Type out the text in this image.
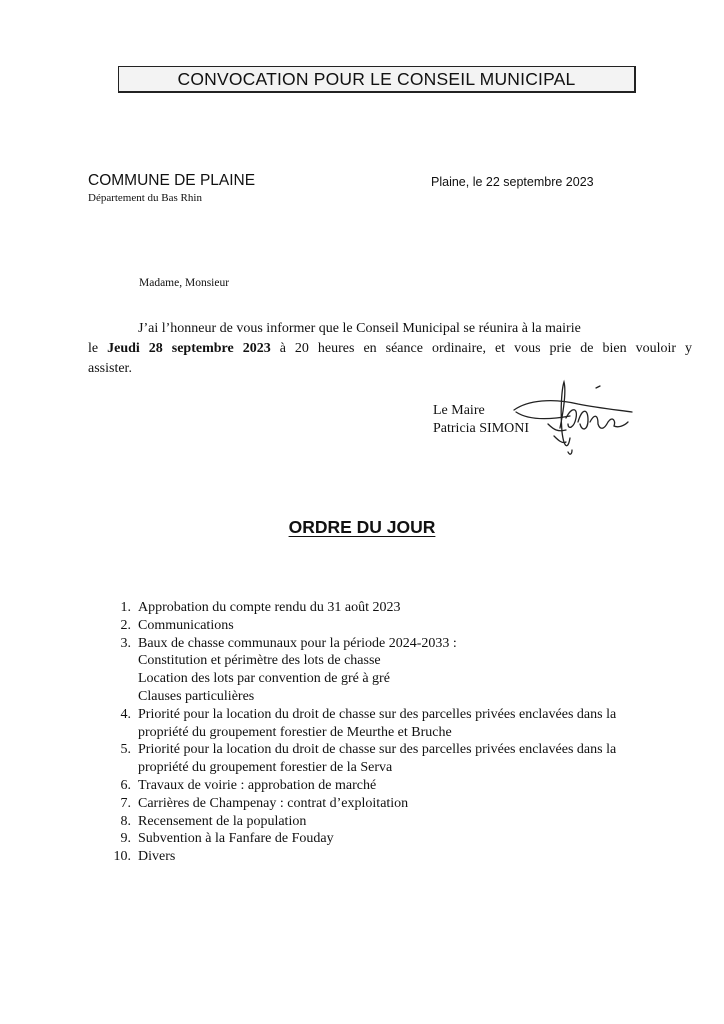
CONVOCATION POUR LE CONSEIL MUNICIPAL
COMMUNE DE PLAINE
Département du Bas Rhin
Plaine, le 22 septembre 2023
Madame, Monsieur
J’ai l’honneur de vous informer que le Conseil Municipal se réunira à la mairie
le Jeudi 28 septembre 2023 à 20 heures en séance ordinaire, et vous prie de bien vouloir y
assister.
Le Maire
Patricia SIMONI
ORDRE DU JOUR
1. Approbation du compte rendu du 31 août 2023
2. Communications
3. Baux de chasse communaux pour la période 2024-2033 :
Constitution et périmètre des lots de chasse
Location des lots par convention de gré à gré
Clauses particulières
4. Priorité pour la location du droit de chasse sur des parcelles privées enclavées dans la
propriété du groupement forestier de Meurthe et Bruche
5. Priorité pour la location du droit de chasse sur des parcelles privées enclavées dans la
propriété du groupement forestier de la Serva
6. Travaux de voirie : approbation de marché
7. Carrières de Champenay : contrat d’exploitation
8. Recensement de la population
9. Subvention à la Fanfare de Fouday
10. Divers
